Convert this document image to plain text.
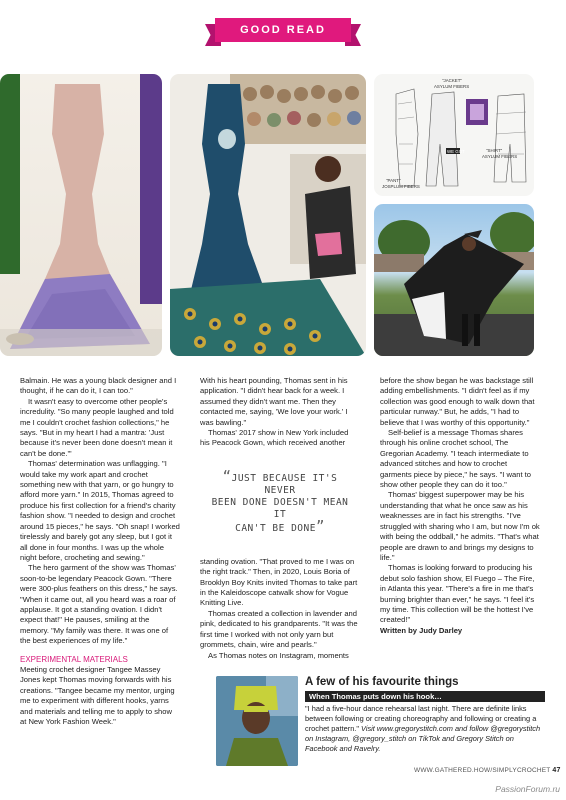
GOOD READ
"JACKET"
ASYLUM FIBERS
"SHIRT"
ASYLUM FIBERS
"PANT"
JOSPLUM FIBERS
WE GOT

Balmain. He was a young black designer and I thought, if he can do it, I can too."

It wasn't easy to overcome other people's incredulity. "So many people laughed and told me I couldn't crochet fashion collections," he says. "But in my heart I had a mantra: 'Just because it's never been done doesn't mean it can't be done.'"

Thomas' determination was unflagging. "I would take my work apart and crochet something new with that yarn, or go hungry to afford more yarn." In 2015, Thomas agreed to produce his first collection for a friend's charity fashion show. "I needed to design and crochet around 15 pieces," he says. "Oh snap! I worked tirelessly and barely got any sleep, but I got it all done in four months. I was up the whole night before, crocheting and sewing."

The hero garment of the show was Thomas' soon-to-be legendary Peacock Gown. "There were 300-plus feathers on this dress," he says. "When it came out, all you heard was a roar of applause. It got a standing ovation. I didn't expect that!" He pauses, smiling at the memory. "My family was there. It was one of the best experiences of my life."

EXPERIMENTAL MATERIALS

Meeting crochet designer Tangee Massey Jones kept Thomas moving forwards with his creations. "Tangee became my mentor, urging me to experiment with different hooks, yarns and materials and telling me to apply to show at New York Fashion Week."

With his heart pounding, Thomas sent in his application. "I didn't hear back for a week. I assumed they didn't want me. Then they contacted me, saying, 'We love your work.' I was bawling."

Thomas' 2017 show in New York included his Peacock Gown, which received another

“JUST BECAUSE IT'S NEVER
BEEN DONE DOESN'T MEAN IT
CAN'T BE DONE”

standing ovation. "That proved to me I was on the right track." Then, in 2020, Louis Boria of Brooklyn Boy Knits invited Thomas to take part in the Kaleidoscope catwalk show for Vogue Knitting Live.

Thomas created a collection in lavender and pink, dedicated to his grandparents. "It was the first time I worked with not only yarn but grommets, chain, wire and pearls."

As Thomas notes on Instagram, moments

before the show began he was backstage still adding embellishments. "I didn't feel as if my collection was good enough to walk down that particular runway." But, he adds, "I had to believe that I was worthy of this opportunity."

Self-belief is a message Thomas shares through his online crochet school, The Gregorian Academy. "I teach intermediate to advanced stitches and how to crochet garments piece by piece," he says. "I want to show other people they can do it too."

Thomas' biggest superpower may be his understanding that what he once saw as his weaknesses are in fact his strengths. "I've struggled with sharing who I am, but now I'm ok with being the oddball," he admits. "That's what people are drawn to and brings my designs to life."

Thomas is looking forward to producing his debut solo fashion show, El Fuego – The Fire, in Atlanta this year. "There's a fire in me that's burning brighter than ever," he says. "I feel it's my time. This collection will be the hottest I've created!"

Written by Judy Darley

A few of his favourite things
When Thomas puts down his hook…
"I had a five-hour dance rehearsal last night. There are definite links between following or creating choreography and following or creating a crochet pattern." Visit www.gregorystitch.com and follow @gregorystitch on Instagram, @gregory_stitch on TikTok and Gregory Stitch on Facebook and Ravelry.
WWW.GATHERED.HOW/SIMPLYCROCHET 47
PassionForum.ru
